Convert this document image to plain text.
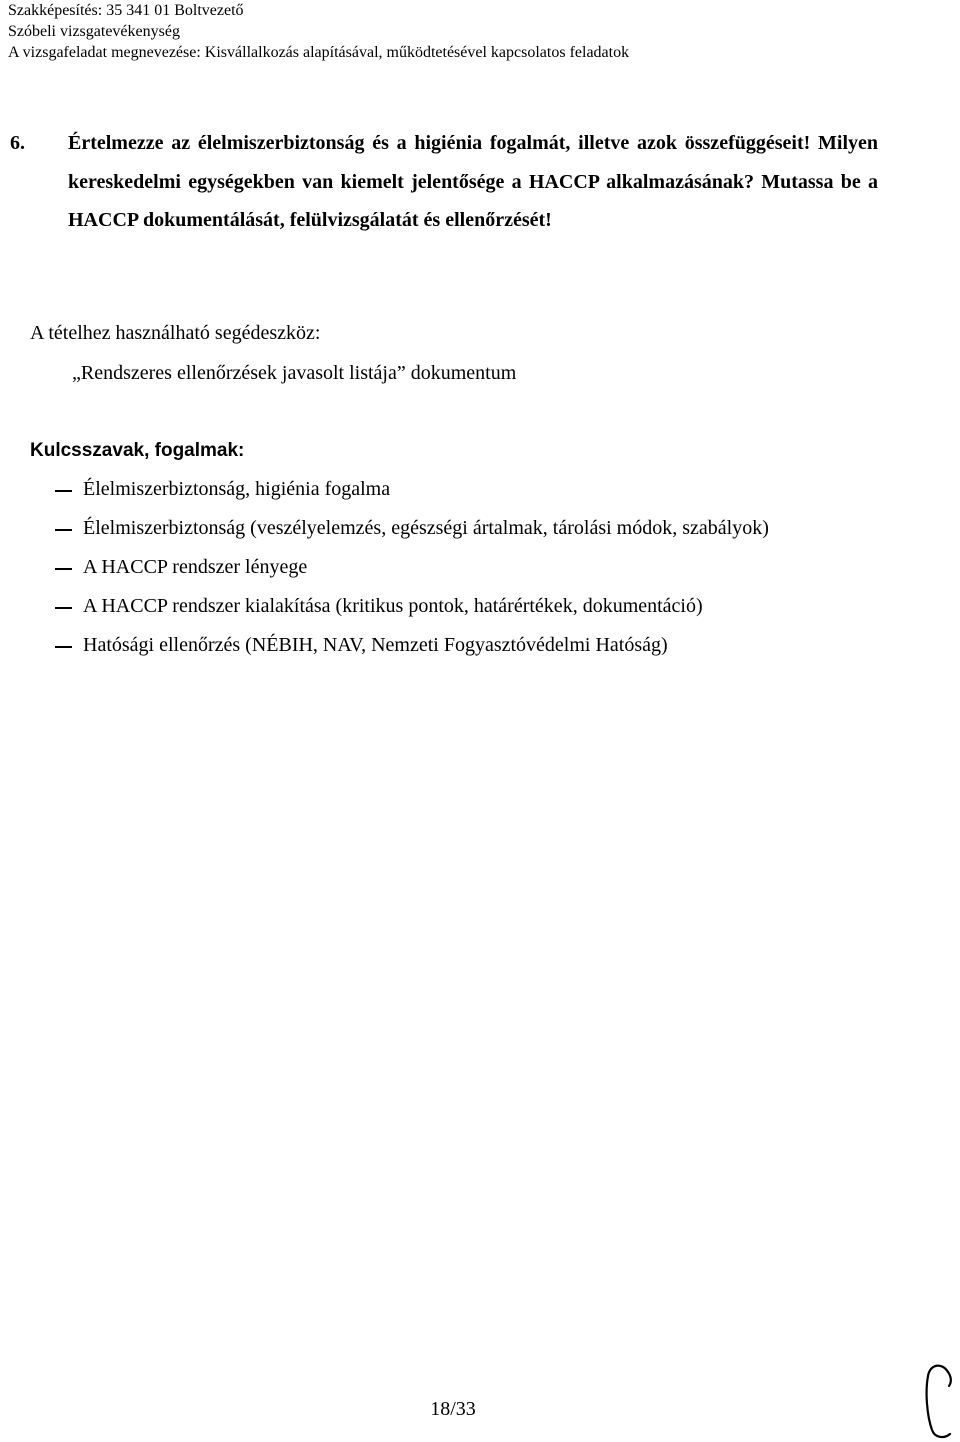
Szakképesítés: 35 341 01 Boltvezető
Szóbeli vizsgatevékenység
A vizsgafeladat megnevezése: Kisvállalkozás alapításával, működtetésével kapcsolatos feladatok
6. Értelmezze az élelmiszerbiztonság és a higiénia fogalmát, illetve azok összefüggéseit! Milyen kereskedelmi egységekben van kiemelt jelentősége a HACCP alkalmazásának? Mutassa be a HACCP dokumentálását, felülvizsgálatát és ellenőrzését!
A tételhez használható segédeszköz:
„Rendszeres ellenőrzések javasolt listája” dokumentum
Kulcsszavak, fogalmak:
Élelmiszerbiztonság, higiénia fogalma
Élelmiszerbiztonság (veszélyelemzés, egészségi ártalmak, tárolási módok, szabályok)
A HACCP rendszer lényege
A HACCP rendszer kialakítása (kritikus pontok, határértékek, dokumentáció)
Hatósági ellenőrzés (NÉBIH, NAV, Nemzeti Fogyasztóvédelmi Hatóság)
18/33
